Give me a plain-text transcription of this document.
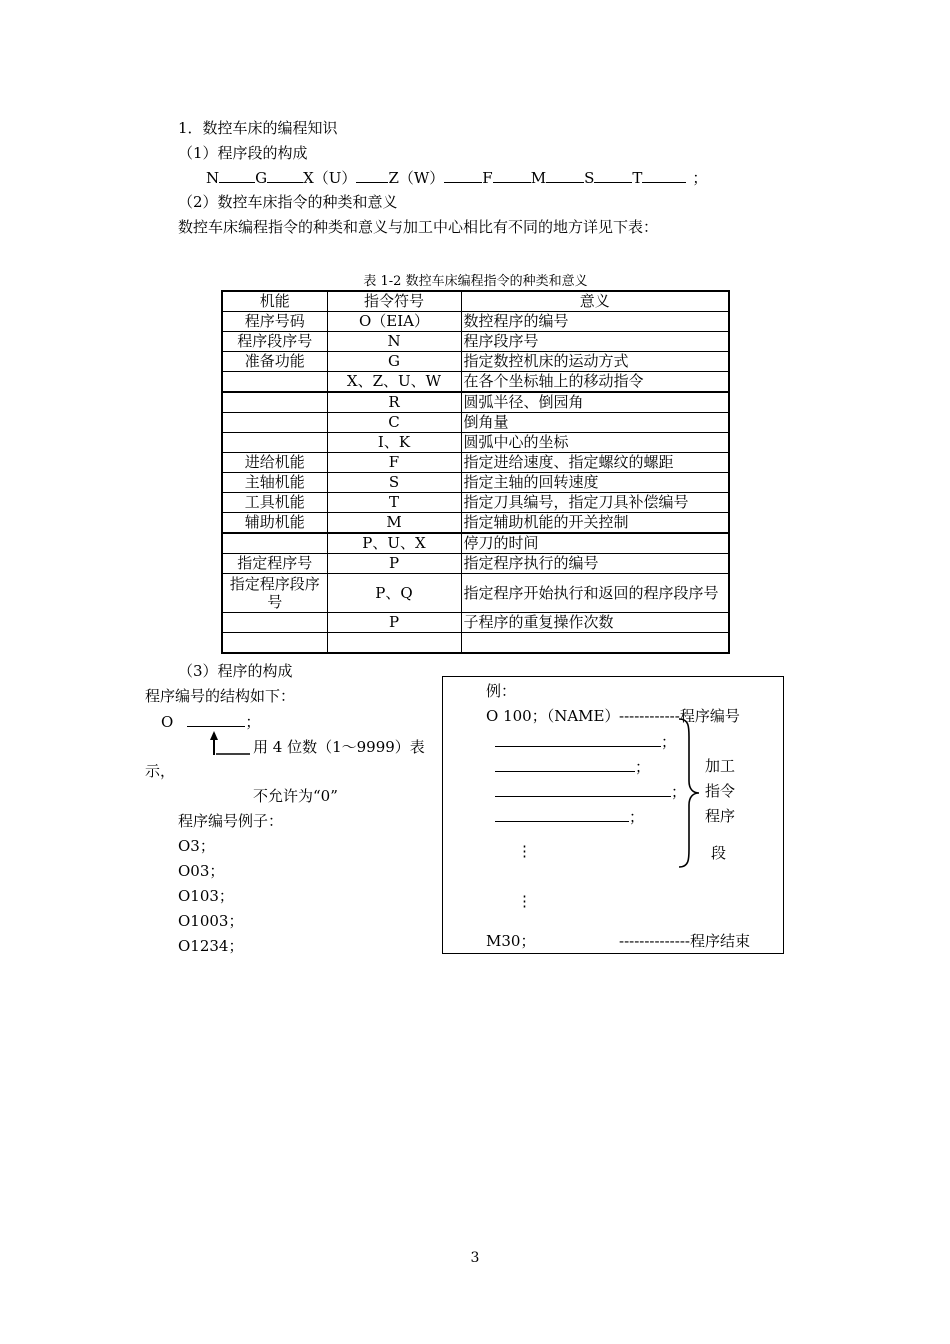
1．数控车床的编程知识
（1）程序段的构成
N G X（U） Z（W）	F	M	S	T	；
（2）数控车床指令的种类和意义
数控车床编程指令的种类和意义与加工中心相比有不同的地方详见下表：
表 1-2 数控车床编程指令的种类和意义
机能	指令符号	意义
程序号码	O（EIA）	数控程序的编号
程序段序号	N	程序段序号
准备功能	G	指定数控机床的运动方式
	X、Z、U、W	在各个坐标轴上的移动指令
	R	圆弧半径、倒园角
	C	倒角量
	I、K	圆弧中心的坐标
进给机能	F	指定进给速度、指定螺纹的螺距
主轴机能	S	指定主轴的回转速度
工具机能	T	指定刀具编号，指定刀具补偿编号
辅助机能	M	指定辅助机能的开关控制
	P、U、X	停刀的时间
指定程序号	P	指定程序执行的编号
指定程序段序号	P、Q	指定程序开始执行和返回的程序段序号
	P	子程序的重复操作次数

（3）程序的构成
程序编号的结构如下：
O	；
用 4 位数（1～9999）表
示，
不允许为“0”
程序编号例子：
O3；
O03；
O103；
O1003；
O1234；
例：
O 100；（NAME） ------------程序编号
；
；
；
；
⋮
⋮
加工
指令
程序
段
M30；	--------------程序结束
3
